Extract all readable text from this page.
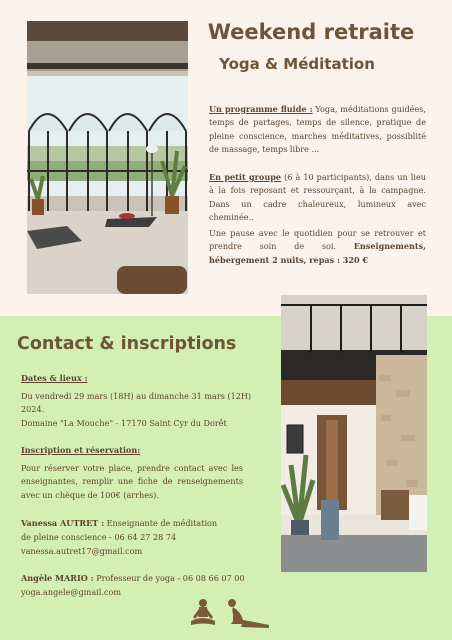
Weekend retraite
Yoga & Méditation

Un programme fluide : Yoga, méditations guidées, temps de partages, temps de silence, pratique de pleine conscience, marches méditatives, possiblité de massage, temps libre ...

En petit groupe (6 à 10 participants), dans un lieu à la fois reposant et ressourçant, à la campagne. Dans un cadre chaleureux, lumineux avec cheminée..

Une pause avec le quotidien pour se retrouver et prendre soin de soi. Enseignements, hébergement 2 nuits, repas : 320 €

Contact & inscriptions

Dates & lieux :

Du vendredi 29 mars (18H) au dimanche 31 mars (12H)

2024.

Domaine "La Mouche" - 17170 Saint Cyr du Dorêt

Inscription et réservation:

Pour réserver votre place, prendre contact avec les enseignantes, remplir une fiche de renseignements avec un chèque de 100€ (arrhes).

Vanessa AUTRET : Enseignante de méditation

de pleine conscience - 06 64 27 28 74

vanessa.autret17@gmail.com

Angèle MARIO : Professeur de yoga - 06 08 66 07 00

yoga.angele@gmail.com
